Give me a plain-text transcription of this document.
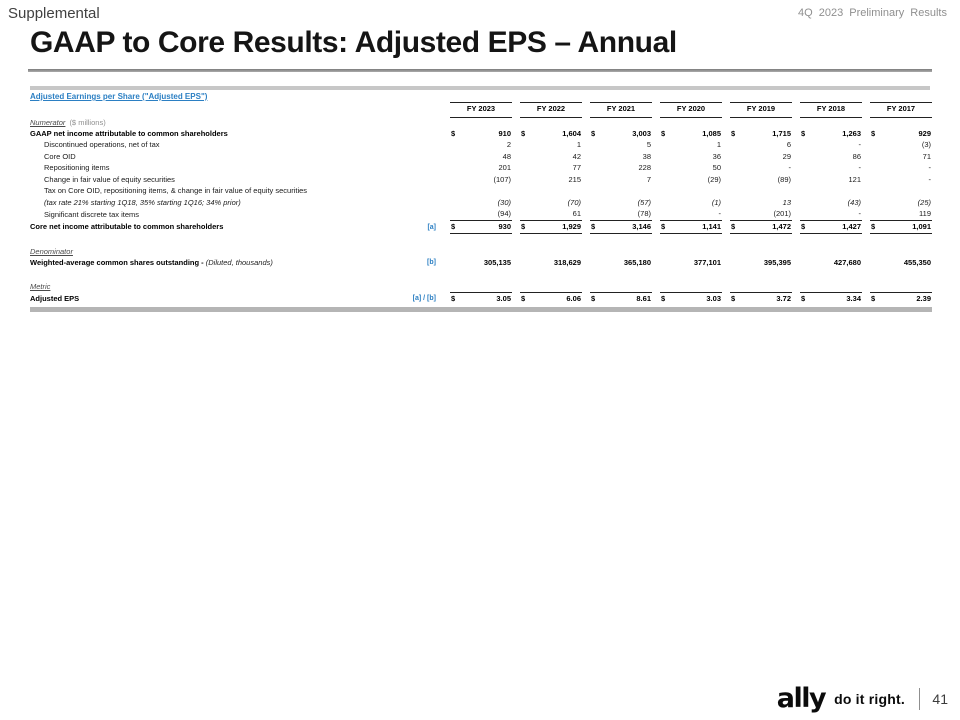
Supplemental	4Q 2023 Preliminary Results
GAAP to Core Results: Adjusted EPS – Annual
Adjusted Earnings per Share ("Adjusted EPS")
			FY 2023			FY 2022			FY 2021			FY 2020			FY 2019			FY 2018			FY 2017	
Numerator ($ millions)																						
GAAP net income attributable to common shareholders			$	910		$	1,604		$	3,003		$	1,085		$	1,715		$	1,263		$	929
Discontinued operations, net of tax				2			1			5			1			6			-			(3)
Core OID				48			42			38			36			29			86			71
Repositioning items				201			77			228			50			-			-			-
Change in fair value of equity securities				(107)			215			7			(29)			(89)			121			-
Tax on Core OID, repositioning items, & change in fair value of equity securities																						
(tax rate 21% starting 1Q18, 35% starting 1Q16; 34% prior)				(30)			(70)			(57)			(1)			13			(43)			(25)
Significant discrete tax items				(94)			61			(78)			-			(201)			-			119
Core net income attributable to common shareholders	[a]		$	930		$	1,929		$	3,146		$	1,141		$	1,472		$	1,427		$	1,091

Denominator																						
Weighted-average common shares outstanding - (Diluted, thousands)	[b]			305,135			318,629			365,180			377,101			395,395			427,680			455,350

Metric																						
Adjusted EPS	[a] / [b]		$	3.05		$	6.06		$	8.61		$	3.03		$	3.72		$	3.34		$	2.39
ally do it right. 41
